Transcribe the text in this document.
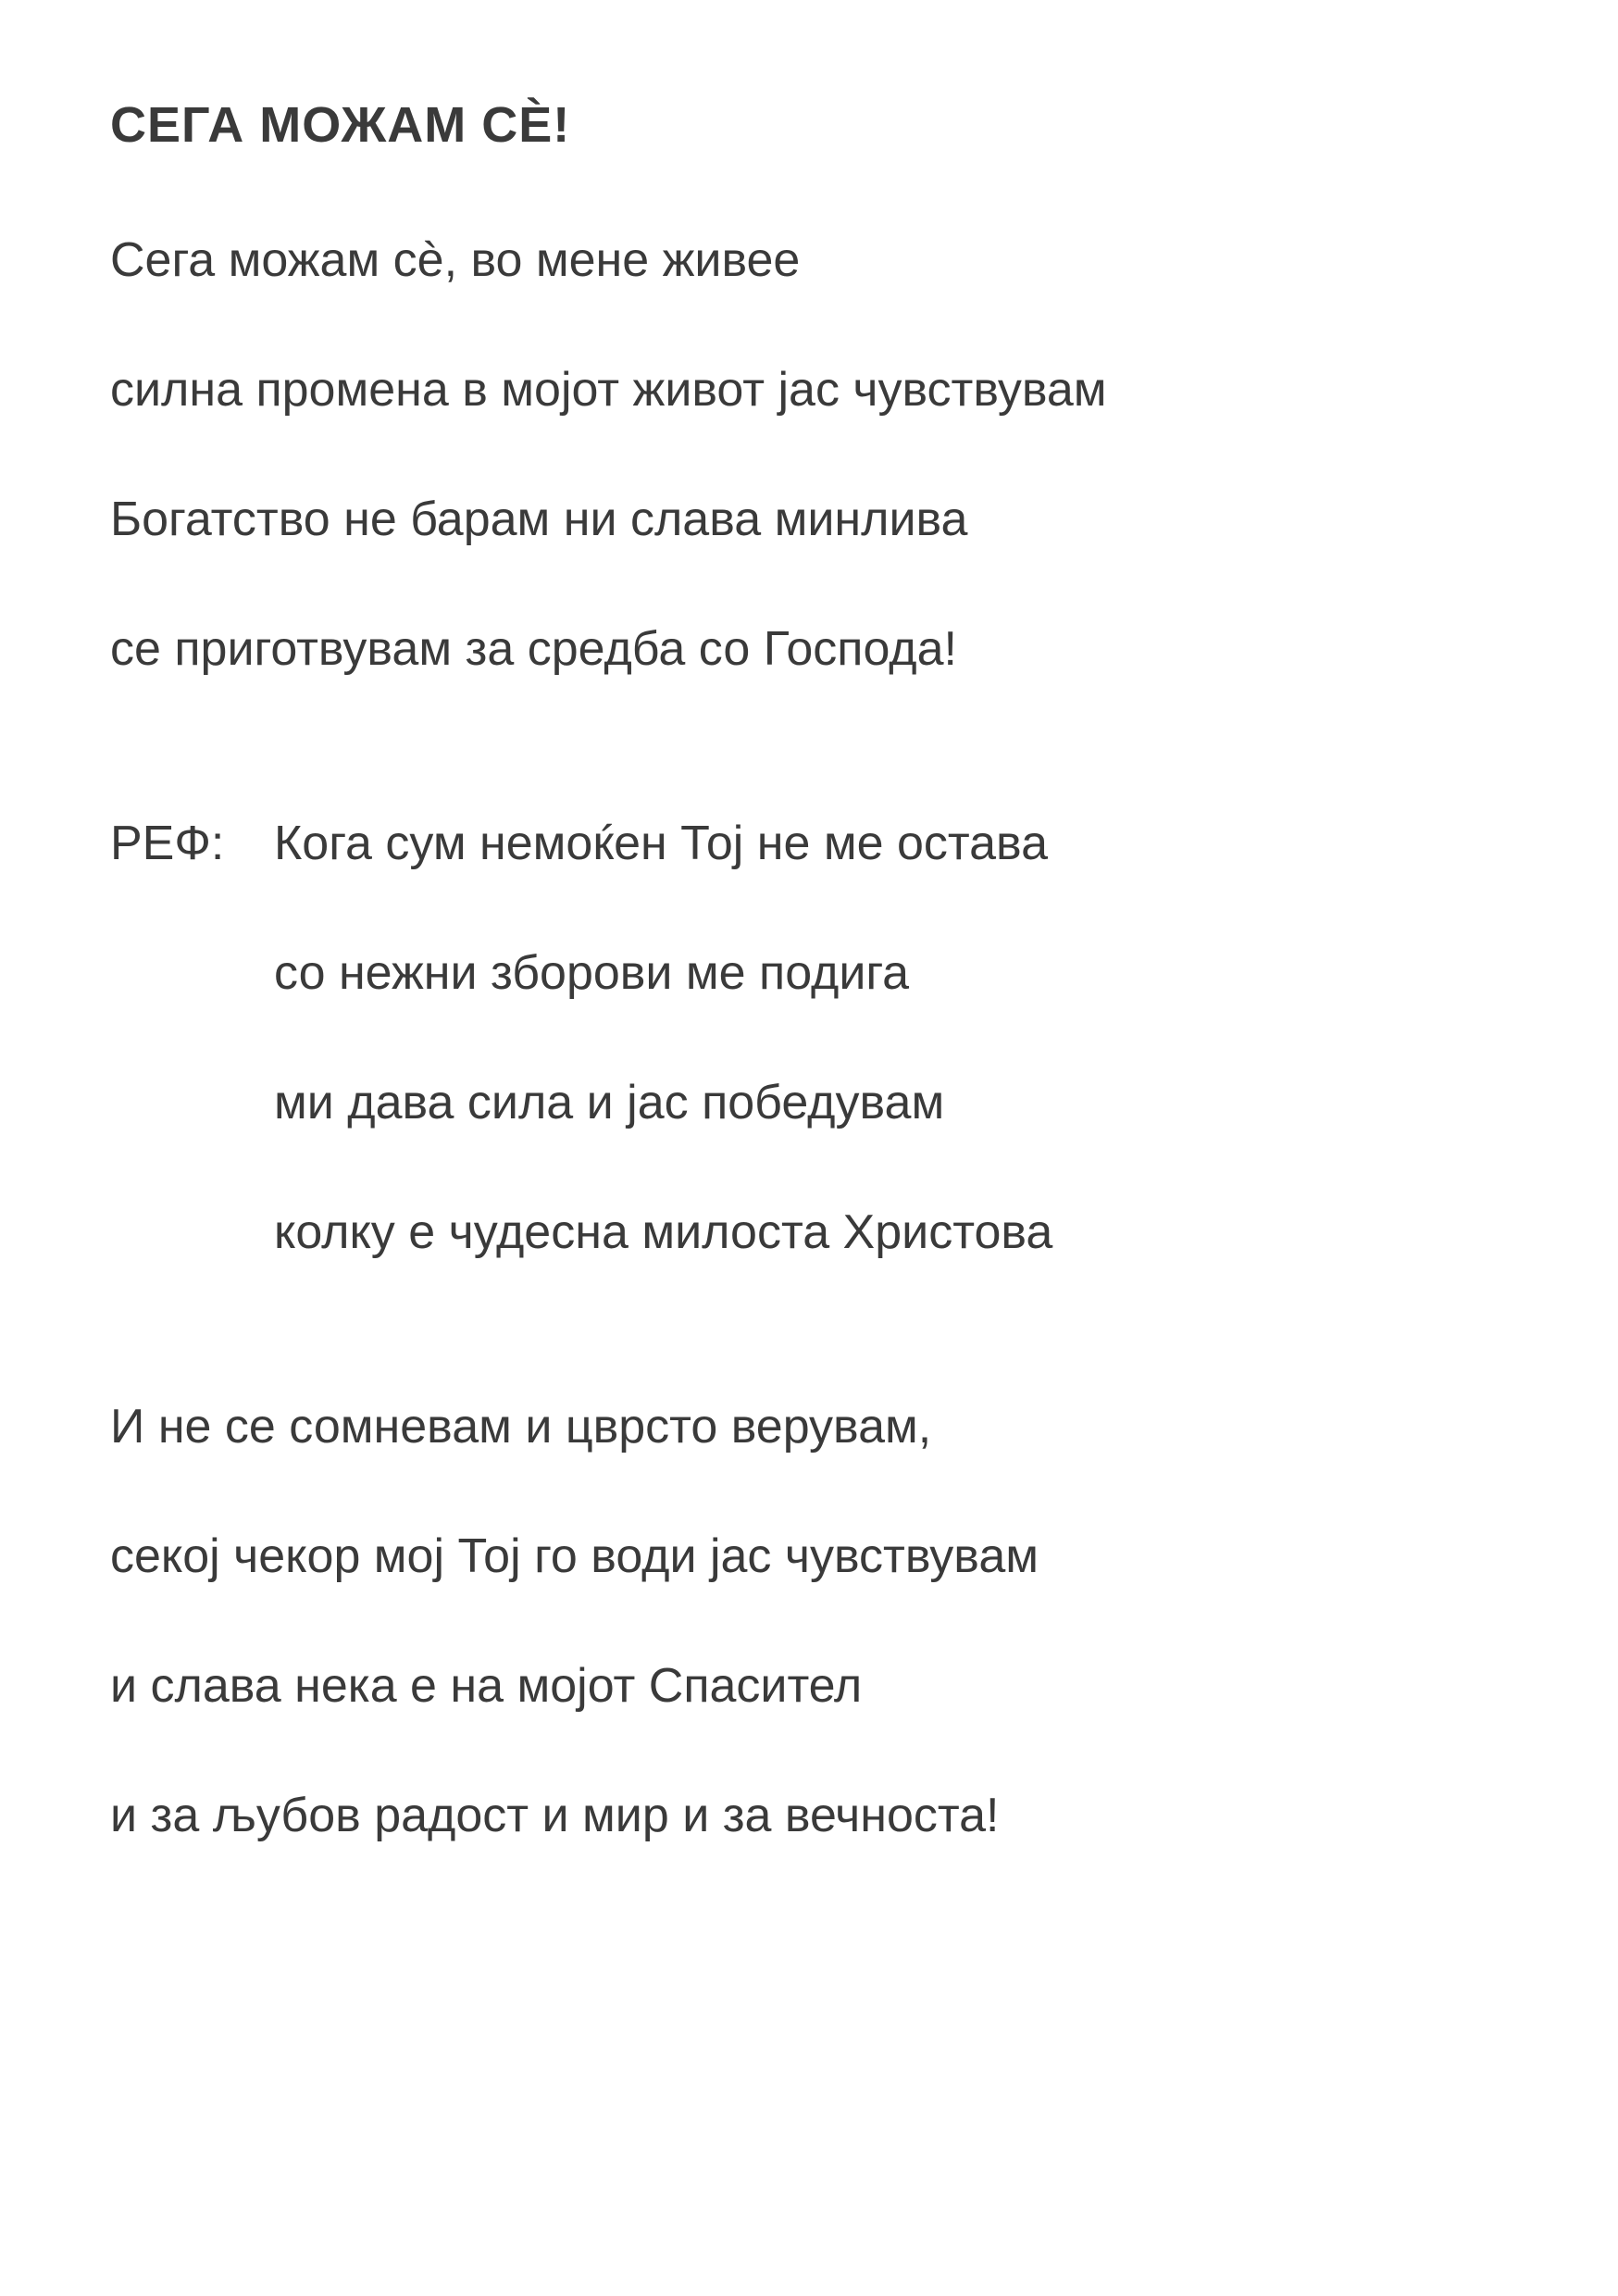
СЕГА МОЖАМ СЀ!

Сега можам сè, во мене живее

силна промена в мојот живот јас чувствувам

Богатство не барам ни слава минлива

се приготвувам за средба со Господа!

РЕФ: Кога сум немоќен Тој не ме остава

со нежни зборови ме подига

ми дава сила и јас победувам

колку е чудесна милоста Христова

И не се сомневам и цврсто верувам,

секој чекор мој Тој го води јас чувствувам

и слава нека е на мојот Спасител

и за љубов радост и мир и за вечноста!
